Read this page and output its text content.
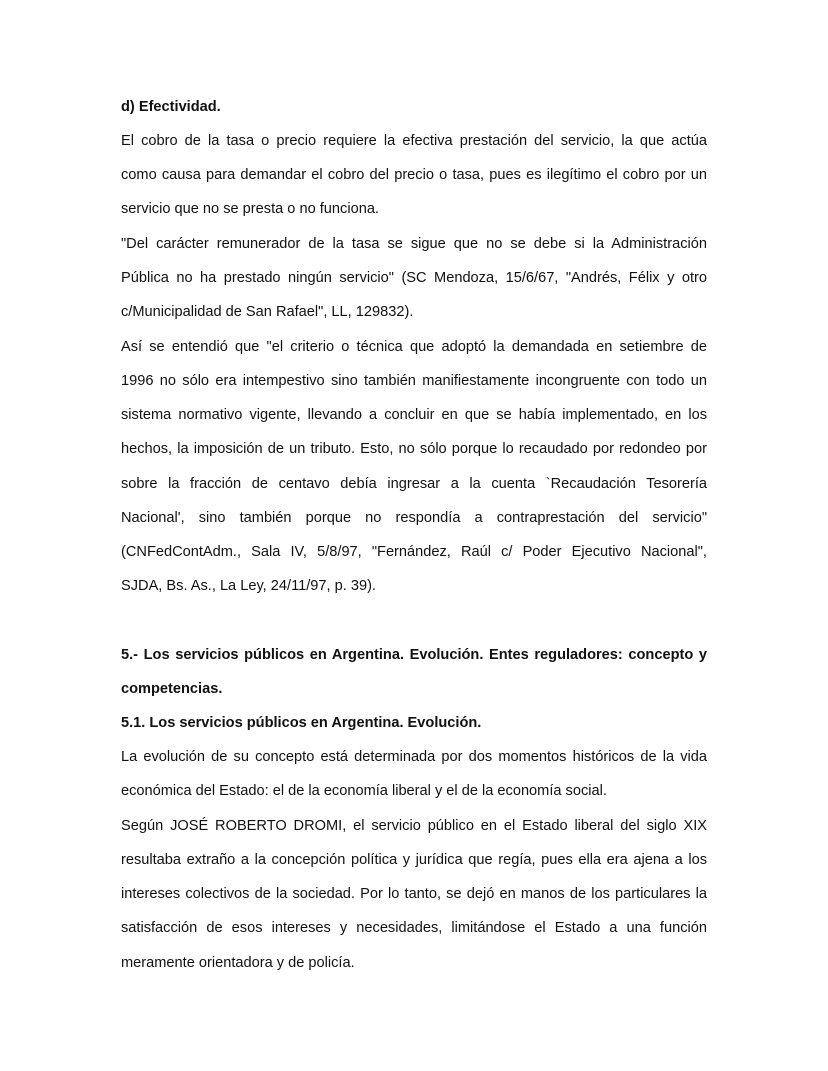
d) Efectividad.
El cobro de la tasa o precio requiere la efectiva prestación del servicio, la que actúa
como causa para demandar el cobro del precio o tasa, pues es ilegítimo el cobro por un
servicio que no se presta o no funciona.
"Del carácter remunerador de la tasa se sigue que no se debe si la Administración
Pública no ha prestado ningún servicio" (SC Mendoza, 15/6/67, "Andrés, Félix y otro
c/Municipalidad de San Rafael", LL, 129832).
Así se entendió que "el criterio o técnica que adoptó la demandada en setiembre de
1996 no sólo era intempestivo sino también manifiestamente incongruente con todo un
sistema normativo vigente, llevando a concluir en que se había implementado, en los
hechos, la imposición de un tributo. Esto, no sólo porque lo recaudado por redondeo por
sobre la fracción de centavo debía ingresar a la cuenta `Recaudación Tesorería
Nacional', sino también porque no respondía a contraprestación del servicio"
(CNFedContAdm., Sala IV, 5/8/97, "Fernández, Raúl c/ Poder Ejecutivo Nacional",
SJDA, Bs. As., La Ley, 24/11/97, p. 39).
5.- Los servicios públicos en Argentina. Evolución. Entes reguladores: concepto y
competencias.
5.1. Los servicios públicos en Argentina. Evolución.
La evolución de su concepto está determinada por dos momentos históricos de la vida
económica del Estado: el de la economía liberal y el de la economía social.
Según JOSÉ ROBERTO DROMI, el servicio público en el Estado liberal del siglo XIX
resultaba extraño a la concepción política y jurídica que regía, pues ella era ajena a los
intereses colectivos de la sociedad. Por lo tanto, se dejó en manos de los particulares la
satisfacción de esos intereses y necesidades, limitándose el Estado a una función
meramente orientadora y de policía.
